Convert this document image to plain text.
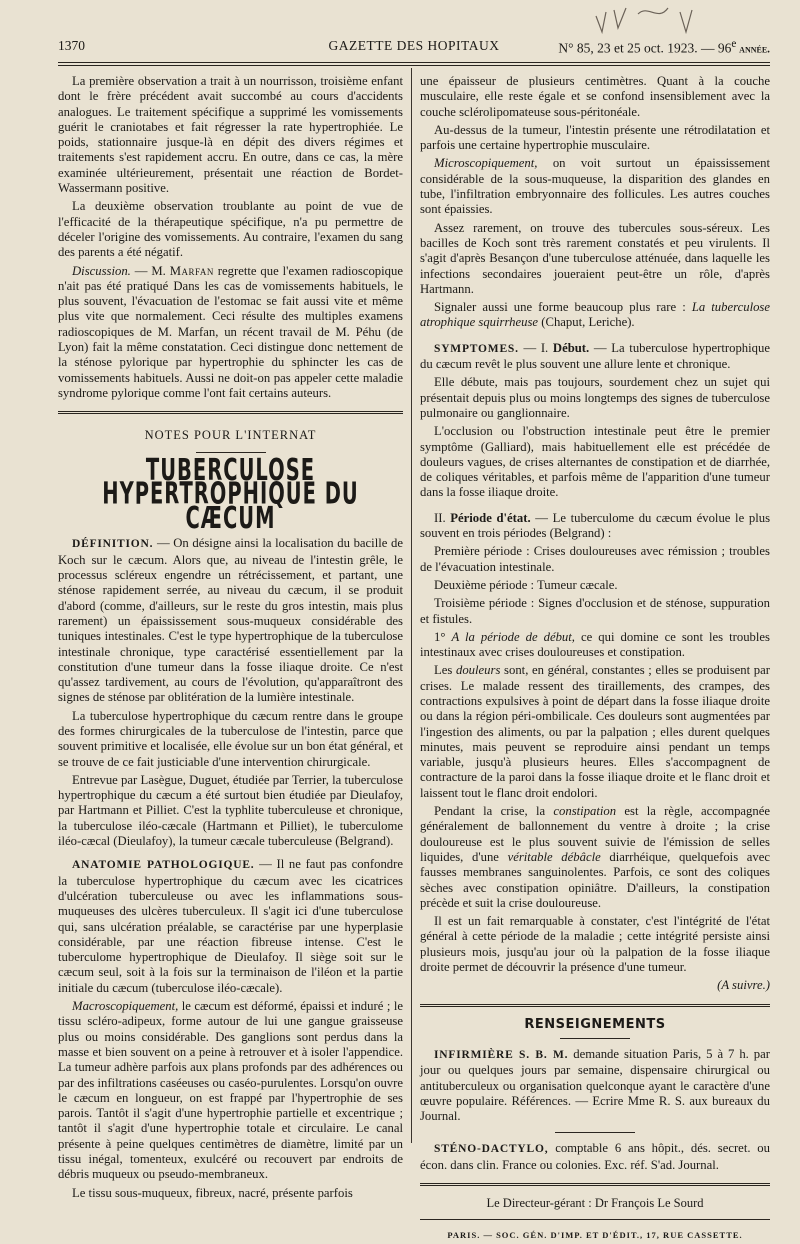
1370	GAZETTE DES HOPITAUX	N° 85, 23 et 25 oct. 1923. — 96e année.

La première observation a trait à un nourrisson, troisième enfant dont le frère précédent avait succombé au cours d'accidents analogues. Le traitement spécifique a supprimé les vomissements guérit le craniotabes et fait régresser la rate hypertrophiée. Le poids, stationnaire jusque-là en dépit des divers régimes et traitements s'est rapidement accru. En outre, dans ce cas, la mère examinée ultérieurement, présentait une réaction de Bordet-Wassermann positive.

La deuxième observation troublante au point de vue de l'efficacité de la thérapeutique spécifique, n'a pu permettre de déceler l'origine des vomissements. Au contraire, l'examen du sang des parents a été négatif.

Discussion. — M. Marfan regrette que l'examen radioscopique n'ait pas été pratiqué Dans les cas de vomissements habituels, le plus souvent, l'évacuation de l'estomac se fait aussi vite et même plus vite que normalement. Ceci résulte des multiples examens radioscopiques de M. Marfan, un récent travail de M. Péhu (de Lyon) fait la même constatation. Ceci distingue donc nettement de la sténose pylorique par hypertrophie du sphincter les cas de vomissements habituels. Aussi ne doit-on pas appeler cette maladie syndrome pylorique comme l'ont fait certains auteurs.

NOTES POUR L'INTERNAT
TUBERCULOSE HYPERTROPHIQUE DU CÆCUM

DÉFINITION. — On désigne ainsi la localisation du bacille de Koch sur le cæcum. Alors que, au niveau de l'intestin grêle, le processus scléreux engendre un rétrécissement, et partant, une sténose rapidement serrée, au niveau du cæcum, il se produit d'abord (comme, d'ailleurs, sur le reste du gros intestin, mais plus rarement) un épaississement sous-muqueux considérable des tuniques intestinales. C'est le type hypertrophique de la tuberculose intestinale chronique, type caractérisé essentiellement par la constitution d'une tumeur dans la fosse iliaque droite. Ce n'est qu'assez tardivement, au cours de l'évolution, qu'apparaîtront des signes de sténose par oblitération de la lumière intestinale.

La tuberculose hypertrophique du cæcum rentre dans le groupe des formes chirurgicales de la tuberculose de l'intestin, parce que souvent primitive et localisée, elle évolue sur un bon état général, et se trouve de ce fait justiciable d'une intervention chirurgicale.

Entrevue par Lasègue, Duguet, étudiée par Terrier, la tuberculose hypertrophique du cæcum a été surtout bien étudiée par Dieulafoy, par Hartmann et Pilliet. C'est la typhlite tuberculeuse et chronique, la tuberculose iléo-cæcale (Hartmann et Pilliet), le tuberculome iléo-cæcal (Dieulafoy), la tumeur cæcale tuberculeuse (Belgrand).

ANATOMIE PATHOLOGIQUE. — Il ne faut pas confondre la tuberculose hypertrophique du cæcum avec les cicatrices d'ulcération tuberculeuse ou avec les inflammations sous-muqueuses des ulcères tuberculeux. Il s'agit ici d'une tuberculose qui, sans ulcération préalable, se caractérise par une hyperplasie considérable, par une réaction fibreuse intense. C'est le tuberculome hypertrophique de Dieulafoy. Il siège soit sur le cæcum seul, soit à la fois sur la terminaison de l'iléon et la partie initiale du cæcum (tuberculose iléo-cæcale).

Macroscopiquement, le cæcum est déformé, épaissi et induré ; le tissu scléro-adipeux, forme autour de lui une gangue graisseuse plus ou moins considérable. Des ganglions sont perdus dans la masse et bien souvent on a peine à retrouver et à isoler l'appendice. La tumeur adhère parfois aux plans profonds par des adhérences ou par des infiltrations caséeuses ou caséo-purulentes. Lorsqu'on ouvre le cæcum en longueur, on est frappé par l'hypertrophie de ses parois. Tantôt il s'agit d'une hypertrophie partielle et excentrique ; tantôt il s'agit d'une hypertrophie totale et circulaire. Le canal présente à peine quelques centimètres de diamètre, limité par un tissu inégal, tomenteux, exulcéré ou recouvert par endroits de débris muqueux ou pseudo-membraneux.

Le tissu sous-muqueux, fibreux, nacré, présente parfois

une épaisseur de plusieurs centimètres. Quant à la couche musculaire, elle reste égale et se confond insensiblement avec la couche sclérolipomateuse sous-péritonéale.

Au-dessus de la tumeur, l'intestin présente une rétrodilatation et parfois une certaine hypertrophie musculaire.

Microscopiquement, on voit surtout un épaississement considérable de la sous-muqueuse, la disparition des glandes en tube, l'infiltration embryonnaire des follicules. Les autres couches sont épaissies.

Assez rarement, on trouve des tubercules sous-séreux. Les bacilles de Koch sont très rarement constatés et peu virulents. Il s'agit d'après Besançon d'une tuberculose atténuée, dans laquelle les infections secondaires joueraient peut-être un rôle, d'après Hartmann.

Signaler aussi une forme beaucoup plus rare : La tuberculose atrophique squirrheuse (Chaput, Leriche).

SYMPTOMES. — I. Début. — La tuberculose hypertrophique du cæcum revêt le plus souvent une allure lente et chronique.

Elle débute, mais pas toujours, sourdement chez un sujet qui présentait depuis plus ou moins longtemps des signes de tuberculose pulmonaire ou ganglionnaire.

L'occlusion ou l'obstruction intestinale peut être le premier symptôme (Galliard), mais habituellement elle est précédée de douleurs vagues, de crises alternantes de constipation et de diarrhée, de coliques véritables, et parfois même de l'apparition d'une tumeur dans la fosse iliaque droite.

II. Période d'état. — Le tuberculome du cæcum évolue le plus souvent en trois périodes (Belgrand) :

Première période : Crises douloureuses avec rémission ; troubles de l'évacuation intestinale.

Deuxième période : Tumeur cæcale.

Troisième période : Signes d'occlusion et de sténose, suppuration et fistules.

1° A la période de début, ce qui domine ce sont les troubles intestinaux avec crises douloureuses et constipation.

Les douleurs sont, en général, constantes ; elles se produisent par crises. Le malade ressent des tiraillements, des crampes, des contractions expulsives à point de départ dans la fosse iliaque droite ou dans la région péri-ombilicale. Ces douleurs sont augmentées par l'ingestion des aliments, ou par la palpation ; elles durent quelques minutes, mais peuvent se reproduire ainsi pendant un temps variable, jusqu'à plusieurs heures. Elles s'accompagnent de contracture de la paroi dans la fosse iliaque droite et le flanc droit et laissent tout le flanc droit endolori.

Pendant la crise, la constipation est la règle, accompagnée généralement de ballonnement du ventre à droite ; la crise douloureuse est le plus souvent suivie de l'émission de selles liquides, d'une véritable débâcle diarrhéique, quelquefois avec fausses membranes sanguinolentes. Parfois, ce sont des coliques sèches avec constipation opiniâtre. D'ailleurs, la constipation précède et suit la crise douloureuse.

Il est un fait remarquable à constater, c'est l'intégrité de l'état général à cette période de la maladie ; cette intégrité persiste ainsi plusieurs mois, jusqu'au jour où la palpation de la fosse iliaque droite permet de découvrir la présence d'une tumeur.

(A suivre.)
RENSEIGNEMENTS

INFIRMIÈRE S. B. M. demande situation Paris, 5 à 7 h. par jour ou quelques jours par semaine, dispensaire chirurgical ou antituberculeux ou organisation quelconque ayant le caractère d'une œuvre populaire. Références. — Ecrire Mme R. S. aux bureaux du Journal.

STÉNO-DACTYLO, comptable 6 ans hôpit., dés. secret. ou écon. dans clin. France ou colonies. Exc. réf. S'ad. Journal.

Le Directeur-gérant : Dr François Le Sourd
PARIS. — SOC. GÉN. D'IMP. ET D'ÉDIT., 17, RUE CASSETTE.
